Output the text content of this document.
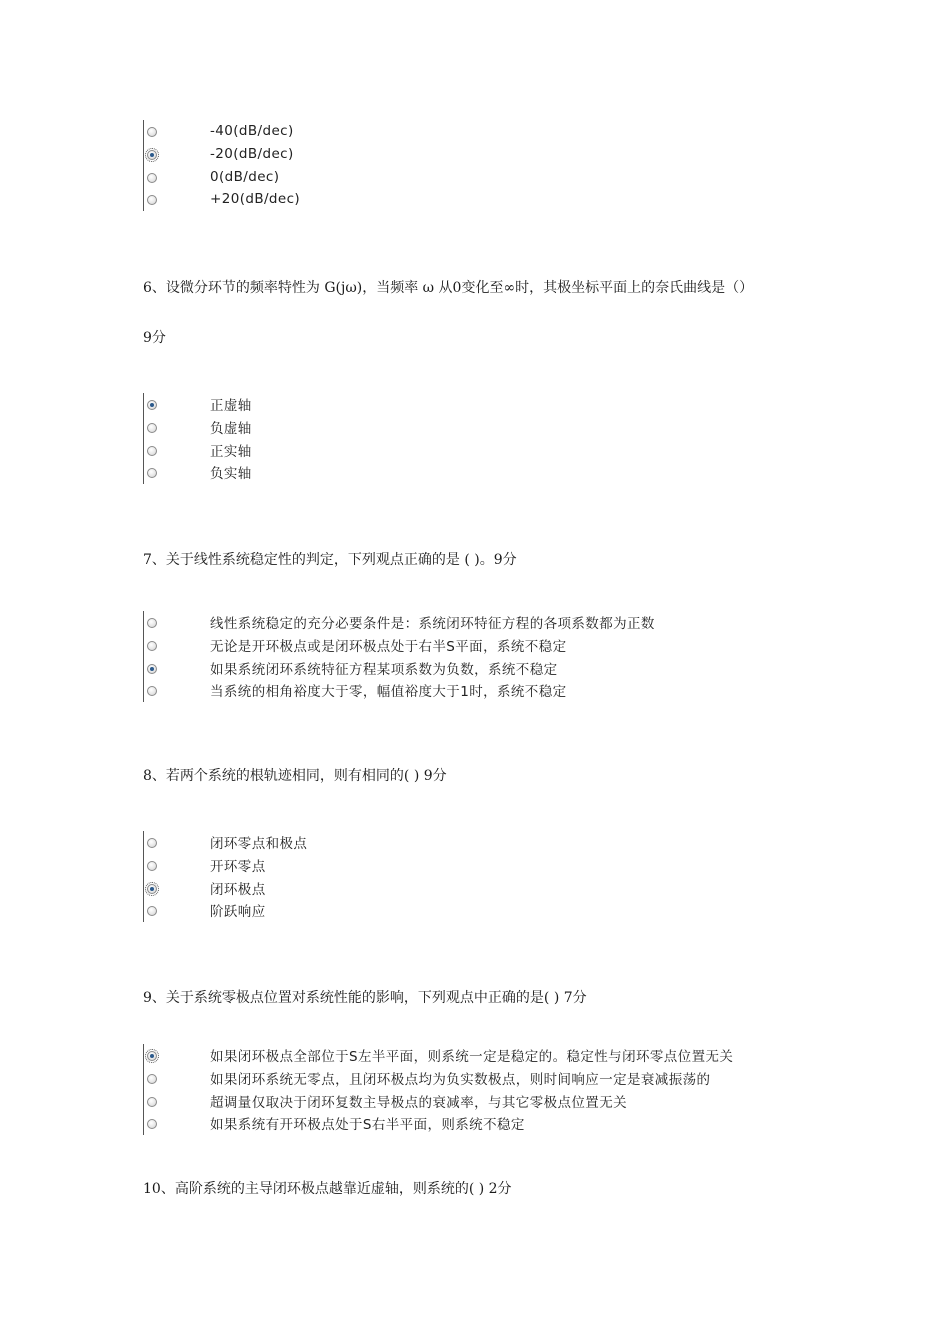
-40(dB/dec)
-20(dB/dec)
0(dB/dec)
+20(dB/dec)
6、设微分环节的频率特性为 G(jω)，当频率 ω 从0变化至∞时，其极坐标平面上的奈氏曲线是（）
9分
正虚轴
负虚轴
正实轴
负实轴
7、关于线性系统稳定性的判定，下列观点正确的是 ( )。9分
线性系统稳定的充分必要条件是：系统闭环特征方程的各项系数都为正数
无论是开环极点或是闭环极点处于右半S平面，系统不稳定
如果系统闭环系统特征方程某项系数为负数，系统不稳定
当系统的相角裕度大于零，幅值裕度大于1时，系统不稳定
8、若两个系统的根轨迹相同，则有相同的( ) 9分
闭环零点和极点
开环零点
闭环极点
阶跃响应
9、关于系统零极点位置对系统性能的影响，下列观点中正确的是( ) 7分
如果闭环极点全部位于S左半平面，则系统一定是稳定的。稳定性与闭环零点位置无关
如果闭环系统无零点，且闭环极点均为负实数极点，则时间响应一定是衰减振荡的
超调量仅取决于闭环复数主导极点的衰减率，与其它零极点位置无关
如果系统有开环极点处于S右半平面，则系统不稳定
10、高阶系统的主导闭环极点越靠近虚轴，则系统的( ) 2分
